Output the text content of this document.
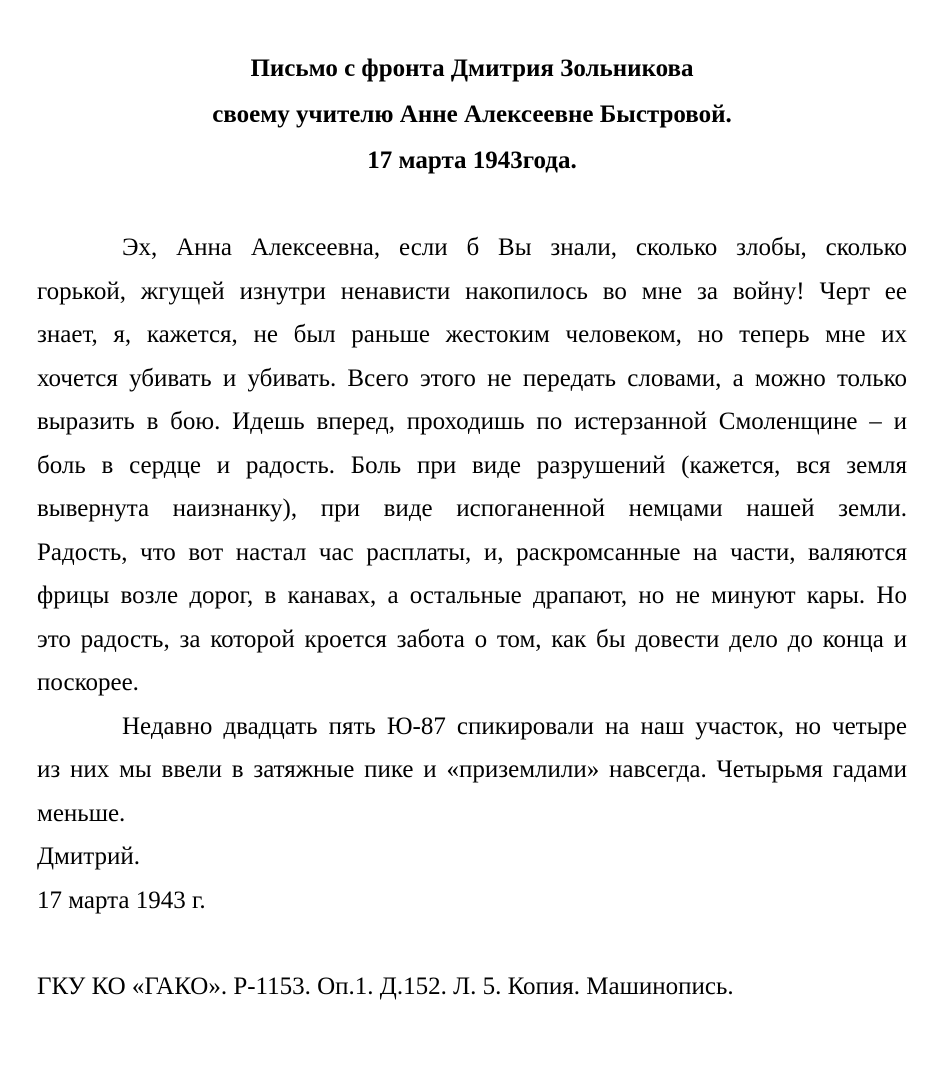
Письмо с фронта Дмитрия Зольникова
своему учителю Анне Алексеевне Быстровой.
17 марта 1943года.
Эх, Анна Алексеевна, если б Вы знали, сколько злобы, сколько
горькой, жгущей изнутри ненависти накопилось во мне за войну! Черт ее
знает, я, кажется, не был раньше жестоким человеком, но теперь мне их
хочется убивать и убивать. Всего этого не передать словами, а можно только
выразить в бою. Идешь вперед, проходишь по истерзанной Смоленщине – и
боль в сердце и радость. Боль при виде разрушений (кажется, вся земля
вывернута наизнанку), при виде испоганенной немцами нашей земли.
Радость, что вот настал час расплаты, и, раскромсанные на части, валяются
фрицы возле дорог, в канавах, а остальные драпают, но не минуют кары. Но
это радость, за которой кроется забота о том, как бы довести дело до конца и
поскорее.
Недавно двадцать пять Ю-87 спикировали на наш участок, но четыре
из них мы ввели в затяжные пике и «приземлили» навсегда. Четырьмя гадами
меньше.
Дмитрий.
17 марта 1943 г.
ГКУ КО «ГАКО». Р-1153. Оп.1. Д.152. Л. 5. Копия. Машинопись.
